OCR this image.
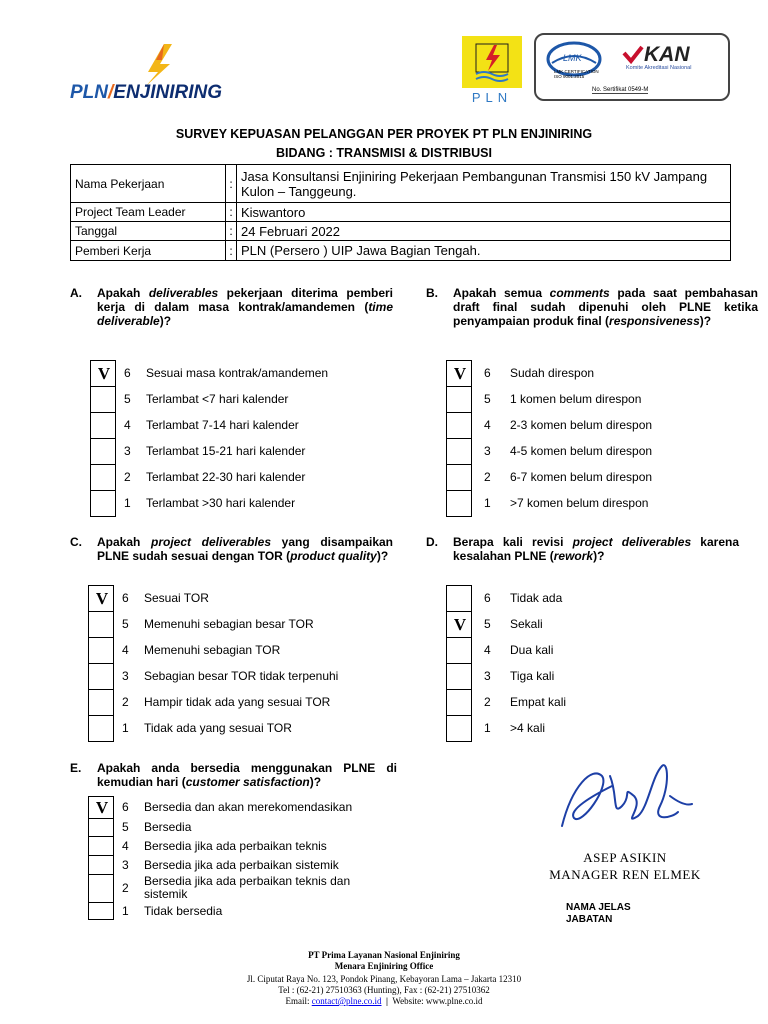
PLN/ENJINIRING	PLN
LMK
LMK CERTIFICATION
ISO 9001:2015
KAN
Komite Akreditasi Nasional
No. Sertifikat 0549-M
SURVEY KEPUASAN PELANGGAN PER PROYEK PT PLN ENJINIRING
BIDANG : TRANSMISI & DISTRIBUSI
Nama Pekerjaan	:	Jasa Konsultansi Enjiniring Pekerjaan Pembangunan Transmisi 150 kV Jampang Kulon – Tanggeung.
Project Team Leader	:	Kiswantoro
Tanggal	:	24 Februari 2022
Pemberi Kerja	:	PLN (Persero ) UIP Jawa Bagian Tengah.
A. Apakah deliverables pekerjaan diterima pemberi kerja di dalam masa kontrak/amandemen (time deliverable)?
V	6 Sesuai masa kontrak/amandemen
5 Terlambat <7 hari kalender
4 Terlambat 7-14 hari kalender
3 Terlambat 15-21 hari kalender
2 Terlambat 22-30 hari kalender
1 Terlambat >30 hari kalender
B. Apakah semua comments pada saat pembahasan draft final sudah dipenuhi oleh PLNE ketika penyampaian produk final (responsiveness)?
V	6 Sudah direspon
5 1 komen belum direspon
4 2-3 komen belum direspon
3 4-5 komen belum direspon
2 6-7 komen belum direspon
1 >7 komen belum direspon
C. Apakah project deliverables yang disampaikan PLNE sudah sesuai dengan TOR (product quality)?
V	6 Sesuai TOR
5 Memenuhi sebagian besar TOR
4 Memenuhi sebagian TOR
3 Sebagian besar TOR tidak terpenuhi
2 Hampir tidak ada yang sesuai TOR
1 Tidak ada yang sesuai TOR
D. Berapa kali revisi project deliverables karena kesalahan PLNE (rework)?
6 Tidak ada
V	5 Sekali
4 Dua kali
3 Tiga kali
2 Empat kali
1 >4 kali
E. Apakah anda bersedia menggunakan PLNE di kemudian hari (customer satisfaction)?
V	6 Bersedia dan akan merekomendasikan
5 Bersedia
4 Bersedia jika ada perbaikan teknis
3 Bersedia jika ada perbaikan sistemik
2 Bersedia jika ada perbaikan teknis dan sistemik
1 Tidak bersedia
ASEP ASIKIN
MANAGER REN ELMEK
NAMA JELAS
JABATAN
PT Prima Layanan Nasional Enjiniring
Menara Enjiniring Office
Jl. Ciputat Raya No. 123, Pondok Pinang, Kebayoran Lama – Jakarta 12310
Tel : (62-21) 27510363 (Hunting), Fax : (62-21) 27510362
Email: contact@plne.co.id | Website: www.plne.co.id
